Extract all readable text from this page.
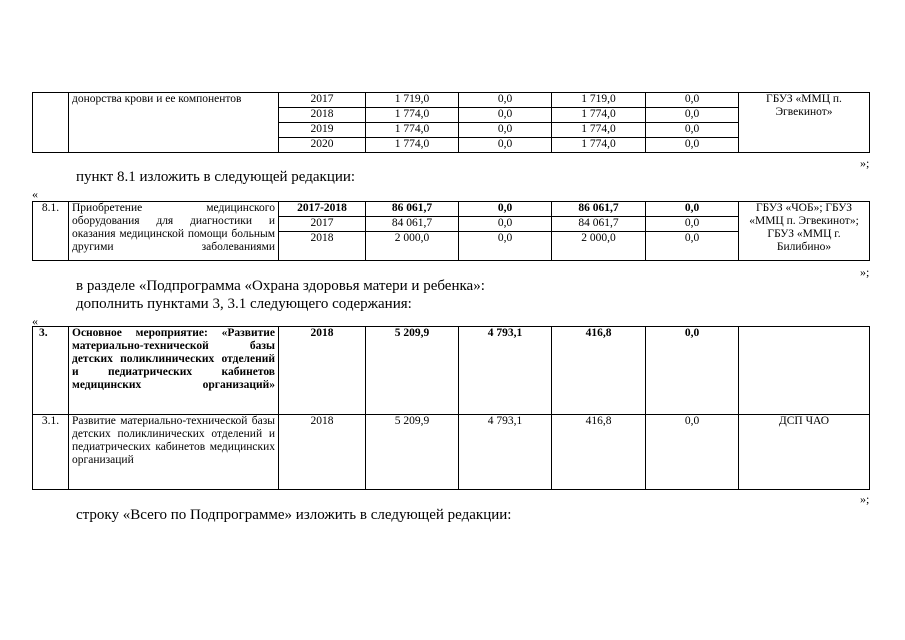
	донорства крови и ее компонентов	2017	1 719,0	0,0	1 719,0	0,0	ГБУЗ «ММЦ п. Эгвекинот»

		2018	1 774,0	0,0	1 774,0	0,0	
		2019	1 774,0	0,0	1 774,0	0,0	
		2020	1 774,0	0,0	1 774,0	0,0	
»;
пункт 8.1 изложить в следующей редакции:
«
8.1.	Приобретение медицинского оборудования для диагностики и оказания медицинской помощи больным другими заболеваниями	2017-2018	86 061,7	0,0	86 061,7	0,0	ГБУЗ «ЧОБ»; ГБУЗ «ММЦ п. Эгвекинот»; ГБУЗ «ММЦ г. Билибино»
		2017	84 061,7	0,0	84 061,7	0,0	
		2018	2 000,0	0,0	2 000,0	0,0	
»;
в разделе «Подпрограмма «Охрана здоровья матери и ребенка»:
дополнить пунктами 3, 3.1 следующего содержания:
«
3.	Основное мероприятие: «Развитие материально-технической базы детских поликлинических отделений и педиатрических кабинетов медицинских организаций»	2018	5 209,9	4 793,1	416,8	0,0	
3.1.	Развитие материально-технической базы детских поликлинических отделений и педиатрических кабинетов медицинских организаций	2018	5 209,9	4 793,1	416,8	0,0	ДСП ЧАО
»;
строку «Всего по Подпрограмме» изложить в следующей редакции:
